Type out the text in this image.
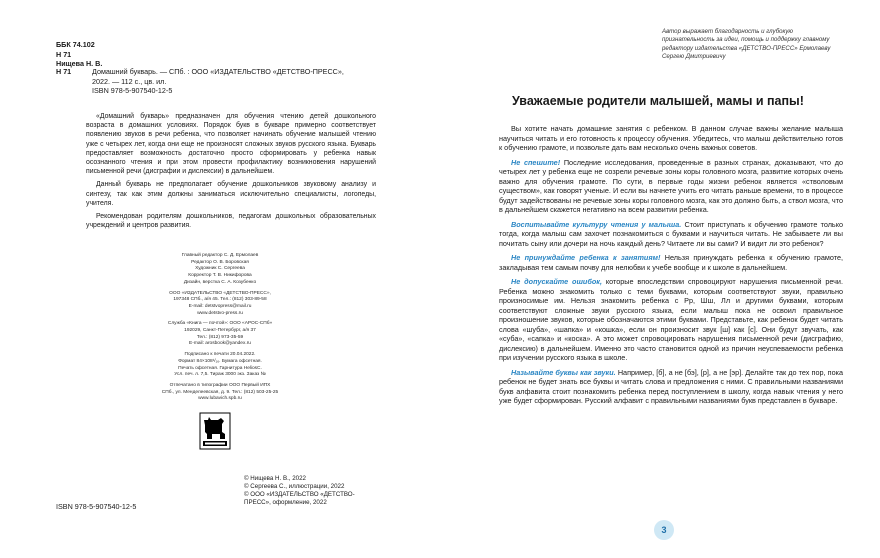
ББК 74.102
Н 71
Нищева Н. В.
Н 71	Домашний букварь. — СПб. : ООО «ИЗДАТЕЛЬСТВО «ДЕТСТВО-ПРЕСС»,
2022. — 112 с., цв. ил.
ISBN 978-5-907540-12-5

«Домашний букварь» предназначен для обучения чтению детей дошкольного возраста в домашних условиях. Порядок букв в букваре примерно соответствует появлению звуков в речи ребенка, что позволяет начинать обучение малышей чтению уже с четырех лет, когда они еще не произносят сложных звуков русского языка. Букварь предоставляет возможность достаточно просто сформировать у ребенка навык осознанного чтения и при этом провести профилактику возникновения нарушений письменной речи (дисграфии и дислексии) в дальнейшем.

Данный букварь не предполагает обучение дошкольников звуковому анализу и синтезу, так как этим должны заниматься исключительно специалисты, логопеды, учителя.

Рекомендован родителям дошкольников, педагогам дошкольных образовательных учреждений и центров развития.

Главный редактор С. Д. Ермолаев
Редактор О. В. Боровская
Художник С. Сергеева
Корректор Т. В. Никифорова
Дизайн, верстка С. А. Козубенко
ООО «ИЗДАТЕЛЬСТВО «ДЕТСТВО-ПРЕСС»,
197348 СПб., а/я 45. Тел.: (812) 303-89-58
E-mail: detstvopress@mail.ru
www.detstvo-press.ru
Служба «Книга — почтой»: ООО «АРОС-СПб»
192029, Санкт-Петербург, а/я 37
Тел.: (812) 973-35-59
E-mail: arosbook@yandex.ru
Подписано к печати 20.04.2022.
Формат 84×108¹/₁₆. Бумага офсетная.
Печать офсетная. Гарнитура HeliosC.
Усл. печ. л. 7,5. Тираж 3000 экз. Заказ №
Отпечатано в типографии ООО Первый ИПХ
СПб., ул. Менделеевская, д. 9. Тел.: (812) 503-25-25
www.lubavich.spb.ru
© Нищева Н. В., 2022
© Сергеева С., иллюстрации, 2022
© ООО «ИЗДАТЕЛЬСТВО «ДЕТСТВО-
ПРЕСС», оформление, 2022
ISBN 978-5-907540-12-5
Автор выражает благодарность и глубокую признательность за идеи, помощь и поддержку главному редактору издательства «ДЕТСТВО-ПРЕСС» Ермолаеву Сергею Дмитриевичу
Уважаемые родители малышей, мамы и папы!

Вы хотите начать домашние занятия с ребенком. В данном случае важны желание малыша научиться читать и его готовность к процессу обучения. Убедитесь, что малыш действительно готов к обучению грамоте, и позвольте дать вам несколько очень важных советов.

Не спешите! Последние исследования, проведенные в разных странах, доказывают, что до четырех лет у ребенка еще не созрели речевые зоны коры головного мозга, развитие которых очень важно для обучения грамоте. По сути, в первые годы жизни ребенок является «стволовым существом», как говорят ученые. И если вы начнете учить его читать раньше времени, то в процессе будут задействованы не речевые зоны коры головного мозга, как это должно быть, а ствол мозга, что в дальнейшем скажется негативно на всем развитии ребенка.

Воспитывайте культуру чтения у малыша. Стоит приступать к обучению грамоте только тогда, когда малыш сам захочет познакомиться с буквами и научиться читать. Не забываете ли вы почитать сыну или дочери на ночь каждый день? Читаете ли вы сами? И видит ли это ребенок?

Не принуждайте ребенка к занятиям! Нельзя принуждать ребенка к обучению грамоте, закладывая тем самым почву для нелюбви к учебе вообще и к школе в дальнейшем.

Не допускайте ошибок, которые впоследствии спровоцируют нарушения письменной речи. Ребенка можно знакомить только с теми буквами, которым соответствуют звуки, правильно произносимые им. Нельзя знакомить ребенка с Рр, Шш, Лл и другими буквами, которым соответствуют сложные звуки русского языка, если малыш пока не освоил правильное произношение звуков, которые обозначаются этими буквами. Представьте, как ребенок будет читать слова «шуба», «шапка» и «кошка», если он произносит звук [ш] как [с]. Они будут звучать, как «суба», «сапка» и «коска». А это может спровоцировать нарушения письменной речи (дисграфию, дислексию) в дальнейшем. Именно это часто становится одной из причин неуспеваемости ребенка при изучении русского языка в школе.

Называйте буквы как звуки. Например, [б], а не [бэ], [р], а не [эр]. Делайте так до тех пор, пока ребенок не будет знать все буквы и читать слова и предложения с ними. С правильными названиями букв алфавита стоит познакомить ребенка перед поступлением в школу, когда навык чтения у него уже будет сформирован. Русский алфавит с правильными названиями букв представлен в букваре.

3
